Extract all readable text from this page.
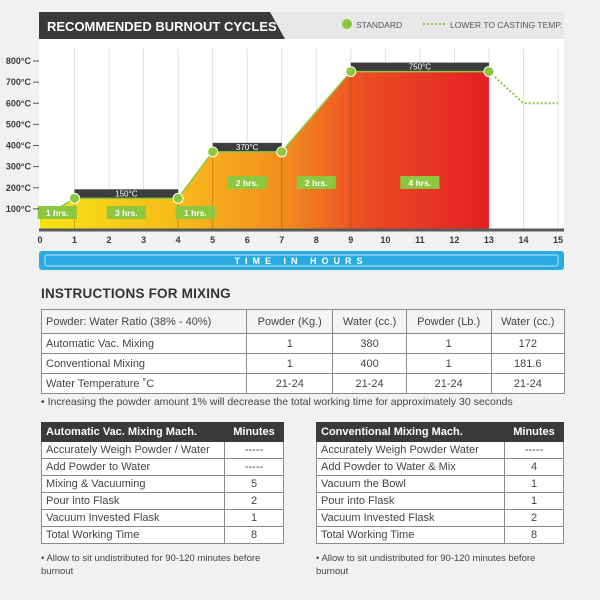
RECOMMENDED BURNOUT CYCLES	STANDARD	LOWER TO CASTING TEMP.
150°C
370°C
750°C
1 hrs.	3 hrs.	1 hrs.
2 hrs.	2 hrs.	4 hrs.
100°C
200°C
300°C
400°C
500°C
600°C
700°C
800°C
0	1	2	3	4	5	6	7	8	9	10	11	12	13	14	15
TIME IN HOURS
INSTRUCTIONS FOR MIXING
Powder: Water Ratio (38% - 40%)	Powder (Kg.)	Water (cc.)	Powder (Lb.)	Water (cc.)
Automatic Vac. Mixing	1	380	1	172
Conventional Mixing	1	400	1	181.6
Water Temperature ˚C	21-24	21-24	21-24	21-24
• Increasing the powder amount 1% will decrease the total working time for approximately 30 seconds
Automatic Vac. Mixing Mach.	Minutes
Accurately Weigh Powder / Water	-----
Add Powder to Water	-----
Mixing & Vacuuming	5
Pour into Flask	2
Vacuum Invested Flask	1
Total Working Time	8
Conventional Mixing Mach.	Minutes
Accurately Weigh Powder Water	-----
Add Powder to Water & Mix	4
Vacuum the Bowl	1
Pour into Flask	1
Vacuum Invested Flask	2
Total Working Time	8
• Allow to sit undistributed for 90-120 minutes before burnout
• Allow to sit undistributed for 90-120 minutes before burnout
